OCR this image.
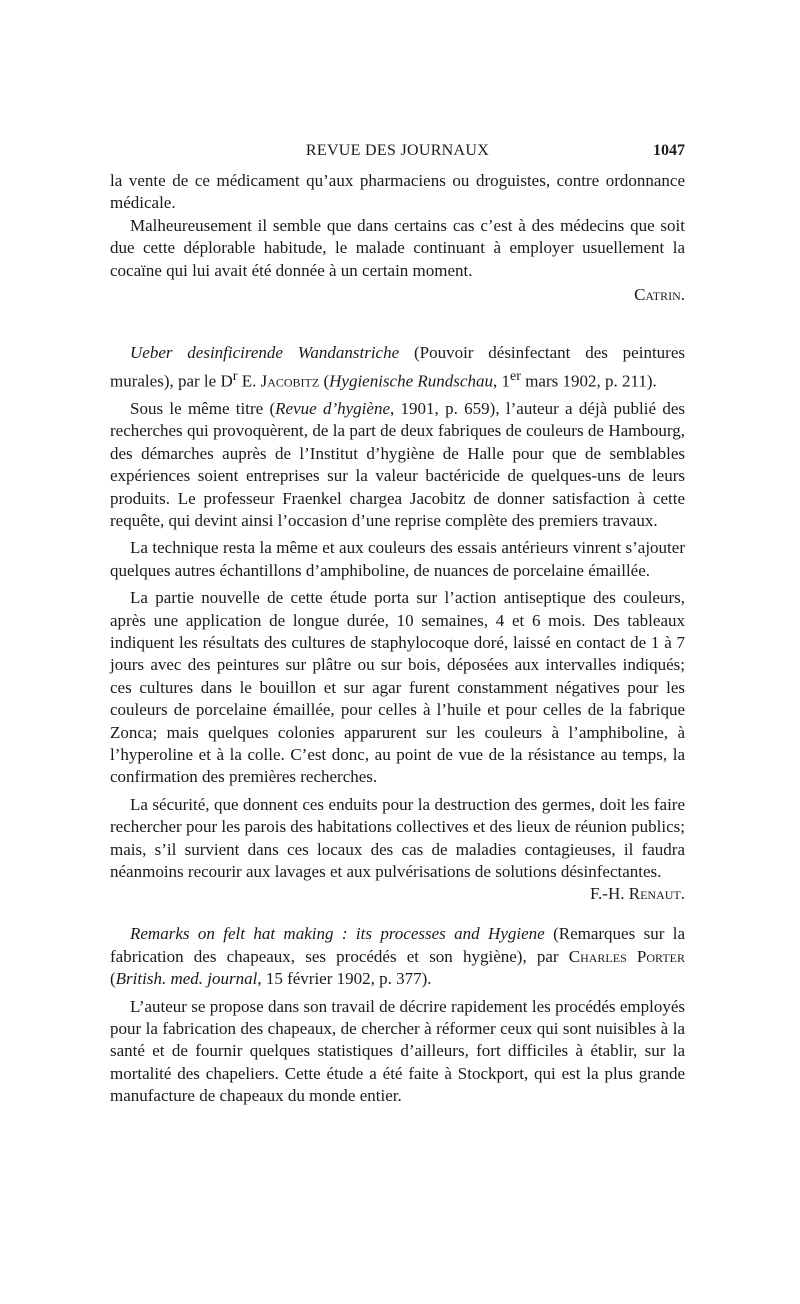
REVUE DES JOURNAUX	1047

la vente de ce médicament qu’aux pharmaciens ou droguistes, contre ordonnance médicale.

Malheureusement il semble que dans certains cas c’est à des médecins que soit due cette déplorable habitude, le malade continuant à employer usuellement la cocaïne qui lui avait été donnée à un certain moment.

Catrin.

Ueber desinficirende Wandanstriche (Pouvoir désinfectant des peintures murales), par le $D^r$ E. Jacobitz (Hygienische Rundschau, 1er mars 1902, p. 211).

Sous le même titre (Revue d’hygiène, 1901, p. 659), l’auteur a déjà publié des recherches qui provoquèrent, de la part de deux fabriques de couleurs de Hambourg, des démarches auprès de l’Institut d’hygiène de Halle pour que de semblables expériences soient entreprises sur la valeur bactéricide de quelques-uns de leurs produits. Le professeur Fraenkel chargea Jacobitz de donner satisfaction à cette requête, qui devint ainsi l’occasion d’une reprise complète des premiers travaux.

La technique resta la même et aux couleurs des essais antérieurs vinrent s’ajouter quelques autres échantillons d’amphiboline, de nuances de porcelaine émaillée.

La partie nouvelle de cette étude porta sur l’action antiseptique des couleurs, après une application de longue durée, 10 semaines, 4 et 6 mois. Des tableaux indiquent les résultats des cultures de staphylocoque doré, laissé en contact de 1 à 7 jours avec des peintures sur plâtre ou sur bois, déposées aux intervalles indiqués; ces cultures dans le bouillon et sur agar furent constamment négatives pour les couleurs de porcelaine émaillée, pour celles à l’huile et pour celles de la fabrique Zonca; mais quelques colonies apparurent sur les couleurs à l’amphiboline, à l’hyperoline et à la colle. C’est donc, au point de vue de la résistance au temps, la confirmation des premières recherches.

La sécurité, que donnent ces enduits pour la destruction des germes, doit les faire rechercher pour les parois des habitations collectives et des lieux de réunion publics; mais, s’il survient dans ces locaux des cas de maladies contagieuses, il faudra néanmoins recourir aux lavages et aux pulvérisations de solutions désinfectantes.
F.-H. Renaut.

Remarks on felt hat making : its processes and Hygiene (Remarques sur la fabrication des chapeaux, ses procédés et son hygiène), par Charles Porter (British. med. journal, 15 février 1902, p. 377).

L’auteur se propose dans son travail de décrire rapidement les procédés employés pour la fabrication des chapeaux, de chercher à réformer ceux qui sont nuisibles à la santé et de fournir quelques statistiques d’ailleurs, fort difficiles à établir, sur la mortalité des chapeliers. Cette étude a été faite à Stockport, qui est la plus grande manufacture de chapeaux du monde entier.
